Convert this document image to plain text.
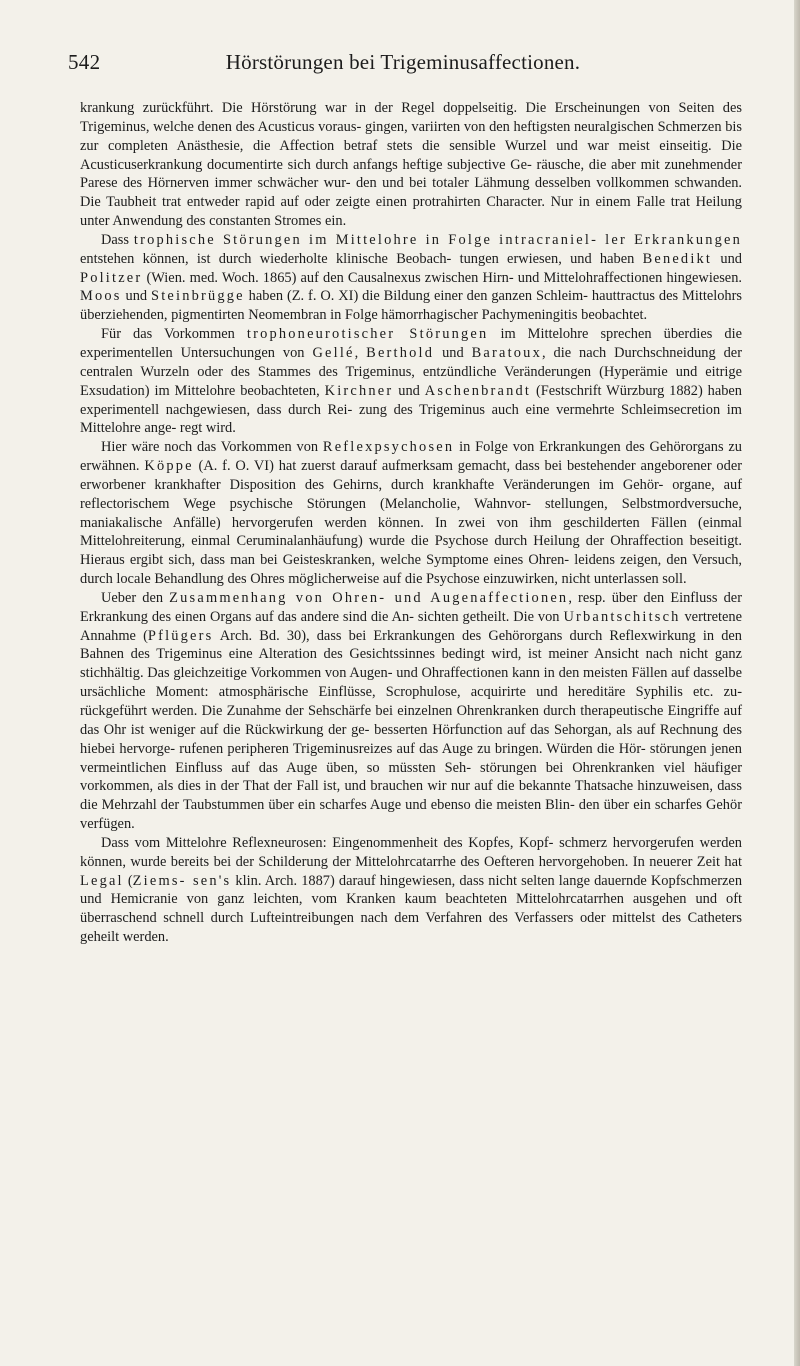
542	Hörstörungen bei Trigeminusaffectionen.

krankung zurückführt. Die Hörstörung war in der Regel doppelseitig. Die Erscheinungen von Seiten des Trigeminus, welche denen des Acusticus voraus- gingen, variirten von den heftigsten neuralgischen Schmerzen bis zur completen Anästhesie, die Affection betraf stets die sensible Wurzel und war meist einseitig. Die Acusticuserkrankung documentirte sich durch anfangs heftige subjective Ge- räusche, die aber mit zunehmender Parese des Hörnerven immer schwächer wur- den und bei totaler Lähmung desselben vollkommen schwanden. Die Taubheit trat entweder rapid auf oder zeigte einen protrahirten Character. Nur in einem Falle trat Heilung unter Anwendung des constanten Stromes ein.

Dass trophische Störungen im Mittelohre in Folge intracraniel- ler Erkrankungen entstehen können, ist durch wiederholte klinische Beobach- tungen erwiesen, und haben Benedikt und Politzer (Wien. med. Woch. 1865) auf den Causalnexus zwischen Hirn- und Mittelohraffectionen hingewiesen. Moos und Steinbrügge haben (Z. f. O. XI) die Bildung einer den ganzen Schleim- hauttractus des Mittelohrs überziehenden, pigmentirten Neomembran in Folge hämorrhagischer Pachymeningitis beobachtet.

Für das Vorkommen trophoneurotischer Störungen im Mittelohre sprechen überdies die experimentellen Untersuchungen von Gellé, Berthold und Baratoux, die nach Durchschneidung der centralen Wurzeln oder des Stammes des Trigeminus, entzündliche Veränderungen (Hyperämie und eitrige Exsudation) im Mittelohre beobachteten, Kirchner und Aschenbrandt (Festschrift Würzburg 1882) haben experimentell nachgewiesen, dass durch Rei- zung des Trigeminus auch eine vermehrte Schleimsecretion im Mittelohre ange- regt wird.

Hier wäre noch das Vorkommen von Reflexpsychosen in Folge von Erkrankungen des Gehörorgans zu erwähnen. Köppe (A. f. O. VI) hat zuerst darauf aufmerksam gemacht, dass bei bestehender angeborener oder erworbener krankhafter Disposition des Gehirns, durch krankhafte Veränderungen im Gehör- organe, auf reflectorischem Wege psychische Störungen (Melancholie, Wahnvor- stellungen, Selbstmordversuche, maniakalische Anfälle) hervorgerufen werden können. In zwei von ihm geschilderten Fällen (einmal Mittelohreiterung, einmal Ceruminalanhäufung) wurde die Psychose durch Heilung der Ohraffection beseitigt. Hieraus ergibt sich, dass man bei Geisteskranken, welche Symptome eines Ohren- leidens zeigen, den Versuch, durch locale Behandlung des Ohres möglicherweise auf die Psychose einzuwirken, nicht unterlassen soll.

Ueber den Zusammenhang von Ohren- und Augenaffectionen, resp. über den Einfluss der Erkrankung des einen Organs auf das andere sind die An- sichten getheilt. Die von Urbantschitsch vertretene Annahme (Pflügers Arch. Bd. 30), dass bei Erkrankungen des Gehörorgans durch Reflexwirkung in den Bahnen des Trigeminus eine Alteration des Gesichtssinnes bedingt wird, ist meiner Ansicht nach nicht ganz stichhältig. Das gleichzeitige Vorkommen von Augen- und Ohraffectionen kann in den meisten Fällen auf dasselbe ursächliche Moment: atmosphärische Einflüsse, Scrophulose, acquirirte und hereditäre Syphilis etc. zu- rückgeführt werden. Die Zunahme der Sehschärfe bei einzelnen Ohrenkranken durch therapeutische Eingriffe auf das Ohr ist weniger auf die Rückwirkung der ge- besserten Hörfunction auf das Sehorgan, als auf Rechnung des hiebei hervorge- rufenen peripheren Trigeminusreizes auf das Auge zu bringen. Würden die Hör- störungen jenen vermeintlichen Einfluss auf das Auge üben, so müssten Seh- störungen bei Ohrenkranken viel häufiger vorkommen, als dies in der That der Fall ist, und brauchen wir nur auf die bekannte Thatsache hinzuweisen, dass die Mehrzahl der Taubstummen über ein scharfes Auge und ebenso die meisten Blin- den über ein scharfes Gehör verfügen.

Dass vom Mittelohre Reflexneurosen: Eingenommenheit des Kopfes, Kopf- schmerz hervorgerufen werden können, wurde bereits bei der Schilderung der Mittelohrcatarrhe des Oefteren hervorgehoben. In neuerer Zeit hat Legal (Ziems- sen's klin. Arch. 1887) darauf hingewiesen, dass nicht selten lange dauernde Kopfschmerzen und Hemicranie von ganz leichten, vom Kranken kaum beachteten Mittelohrcatarrhen ausgehen und oft überraschend schnell durch Lufteintreibungen nach dem Verfahren des Verfassers oder mittelst des Catheters geheilt werden.
